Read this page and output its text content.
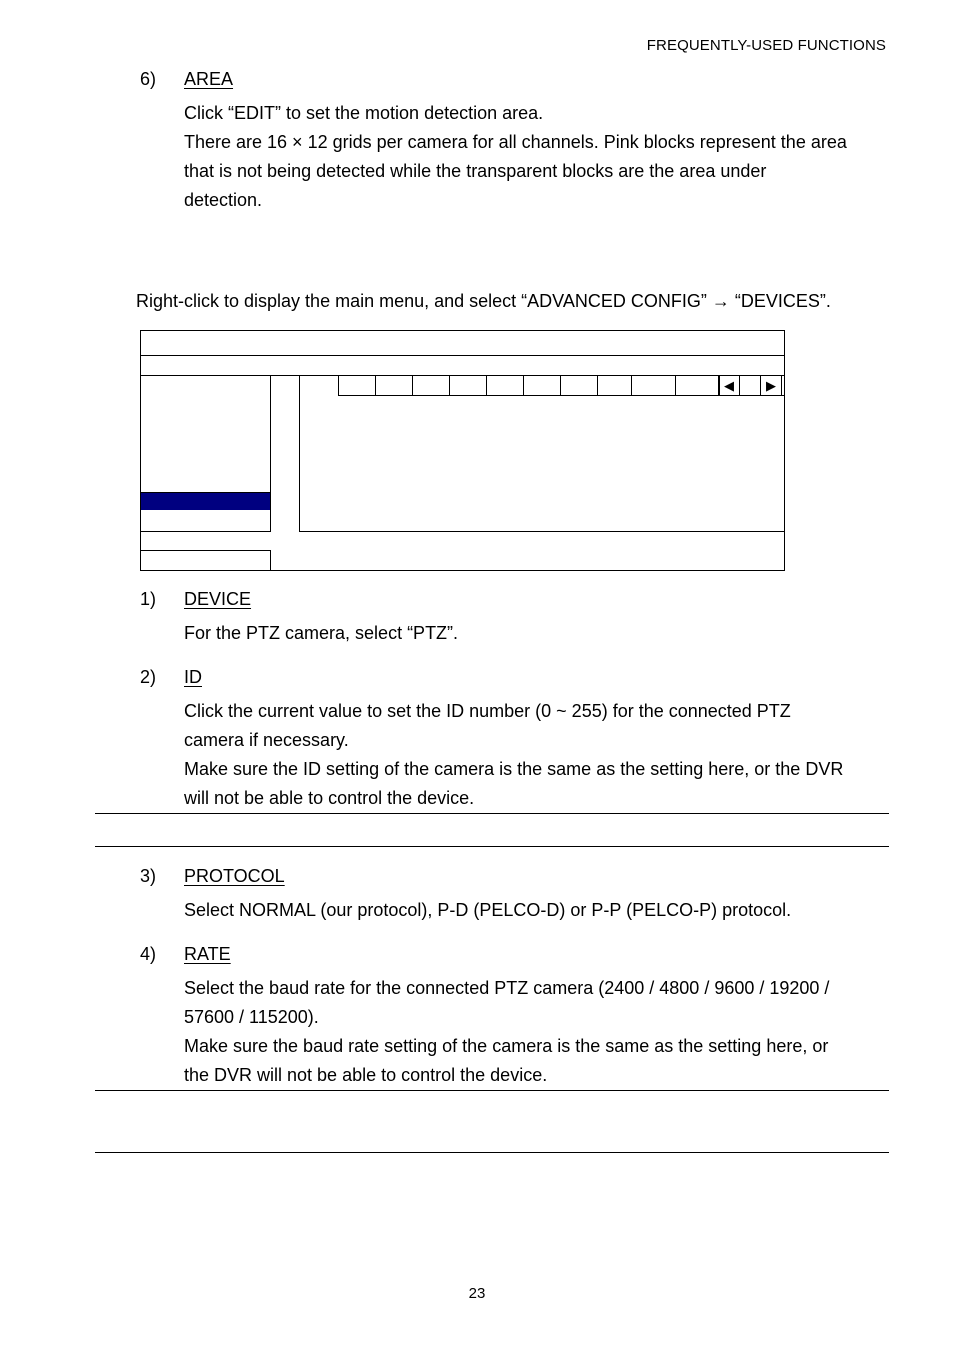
FREQUENTLY-USED FUNCTIONS
6) AREA
Click “EDIT” to set the motion detection area.
There are 16 × 12 grids per camera for all channels. Pink blocks represent the area
that is not being detected while the transparent blocks are the area under
detection.
Right-click to display the main menu, and select “ADVANCED CONFIG” → “DEVICES”.
◀	▶
1) DEVICE
For the PTZ camera, select “PTZ”.
2) ID
Click the current value to set the ID number (0 ~ 255) for the connected PTZ
camera if necessary.
Make sure the ID setting of the camera is the same as the setting here, or the DVR
will not be able to control the device.
3) PROTOCOL
Select NORMAL (our protocol), P-D (PELCO-D) or P-P (PELCO-P) protocol.
4) RATE
Select the baud rate for the connected PTZ camera (2400 / 4800 / 9600 / 19200 /
57600 / 115200).
Make sure the baud rate setting of the camera is the same as the setting here, or
the DVR will not be able to control the device.
23
